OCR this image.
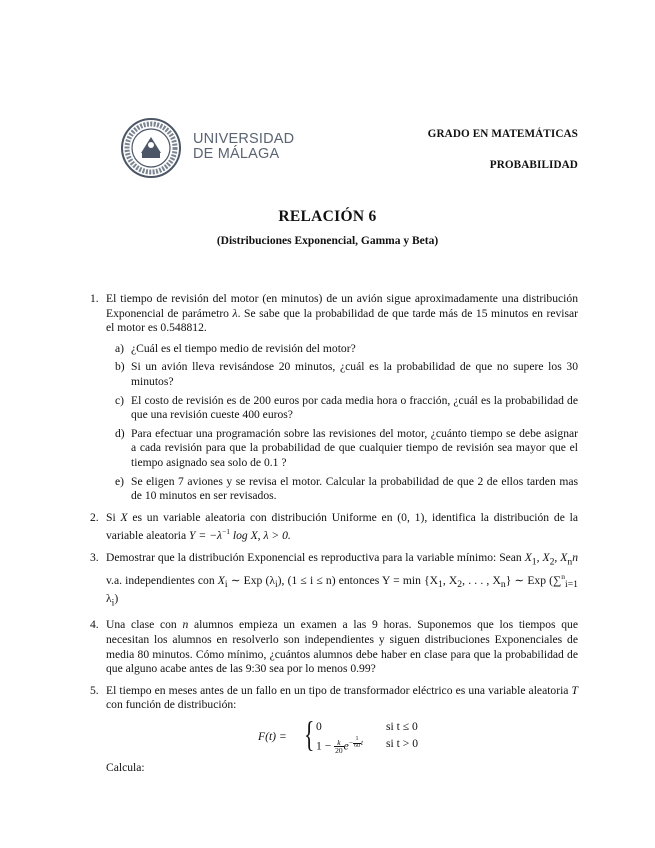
UNIVERSIDAD
DE MÁLAGA
GRADO EN MATEMÁTICAS
PROBABILIDAD
RELACIÓN 6
(Distribuciones Exponencial, Gamma y Beta)
1. El tiempo de revisión del motor (en minutos) de un avión sigue aproximadamente una distribución Exponencial de parámetro λ. Se sabe que la probabilidad de que tarde más de 15 minutos en revisar el motor es 0.548812.
a) ¿Cuál es el tiempo medio de revisión del motor?
b) Si un avión lleva revisándose 20 minutos, ¿cuál es la probabilidad de que no supere los 30 minutos?
c) El costo de revisión es de 200 euros por cada media hora o fracción, ¿cuál es la probabilidad de que una revisión cueste 400 euros?
d) Para efectuar una programación sobre las revisiones del motor, ¿cuánto tiempo se debe asignar a cada revisión para que la probabilidad de que cualquier tiempo de revisión sea mayor que el tiempo asignado sea solo de 0.1 ?
e) Se eligen 7 aviones y se revisa el motor. Calcular la probabilidad de que 2 de ellos tarden mas de 10 minutos en ser revisados.
2. Si X es un variable aleatoria con distribución Uniforme en (0, 1), identifica la distribución de la variable aleatoria $Y = -\lambda^{-1}$ log X, λ > 0.
3. Demostrar que la distribución Exponencial es reproductiva para la variable mínimo: Sean $X_1$, $X_2$, $X_nn$ v.a. independientes con $X_i$ ∼ Exp $(\lambda_i)$, (1 ≤ i ≤ n) entonces $Y = \min \{X_1$, $X_2$, . . . , $X_n$} ∼ Exp (∑$^n_{i=1}$ $\lambda_i$)
4. Una clase con n alumnos empieza un examen a las 9 horas. Suponemos que los tiempos que necesitan los alumnos en resolverlo son independientes y siguen distribuciones Exponenciales de media 80 minutos. Cómo mínimo, ¿cuántos alumnos debe haber en clase para que la probabilidad de que alguno acabe antes de las 9:30 sea por lo menos 0.99?
5. El tiempo en meses antes de un fallo en un tipo de transformador eléctrico es una variable aleatoria T con función de distribución:
F(t) = { 0
$1 - \frac{k}{20} e^{- \frac{1}{60} t}$
si t ≤ 0
si t > 0
Calcula:
